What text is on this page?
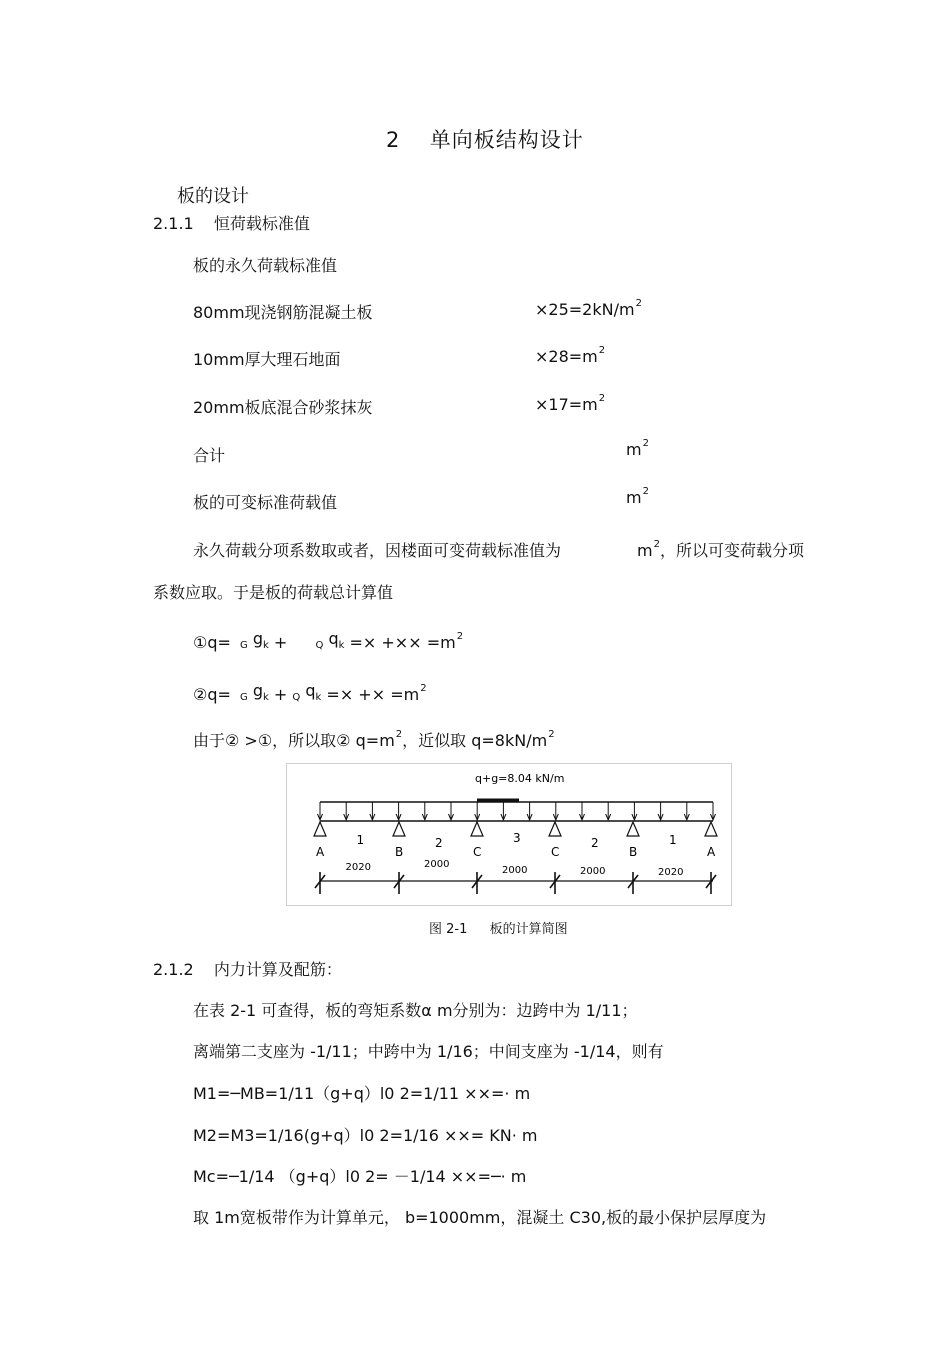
2 单向板结构设计
板的设计
2.1.1 恒荷载标准值
板的永久荷载标准值
80mm现浇钢筋混凝土板	$\times 25=2kN/m^2$
10mm厚大理石地面	$\times 28=m^2$
20mm板底混合砂浆抹灰	$\times 17=m^2$
合计	$m^2$
板的可变标准荷载值	$m^2$
永久荷载分项系数取或者，因楼面可变荷载标准值为	$m^2$，所以可变荷载分项
系数应取。于是板的荷载总计算值
①q= G gk +	Q qk =× +×× $=m^2$
②q= G gk + Q qk =× +× $=m^2$
由于② >①，所以取② $q=m^2$，近似取 $q=8kN/m^2$
q+g=8.04 kN/m
A	B	C	C	B	A
1	2	3	2	1
2020	2000
2000	2000	2020
图 2-1 板的计算简图
2.1.2 内力计算及配筋：
在表 2-1 可查得，板的弯矩系数α m分别为：边跨中为 1/11；
离端第二支座为 -1/11；中跨中为 1/16；中间支座为 -1/14，则有
M1=─MB=1/11（g+q）l0 2=1/11 ××=· m
M2=M3=1/16(g+q）l0 2=1/16 ××= KN· m
Mc=─1/14 （g+q）l0 2= －1/14 ××=─· m
取 1m宽板带作为计算单元， b=1000mm，混凝土 C30,板的最小保护层厚度为
